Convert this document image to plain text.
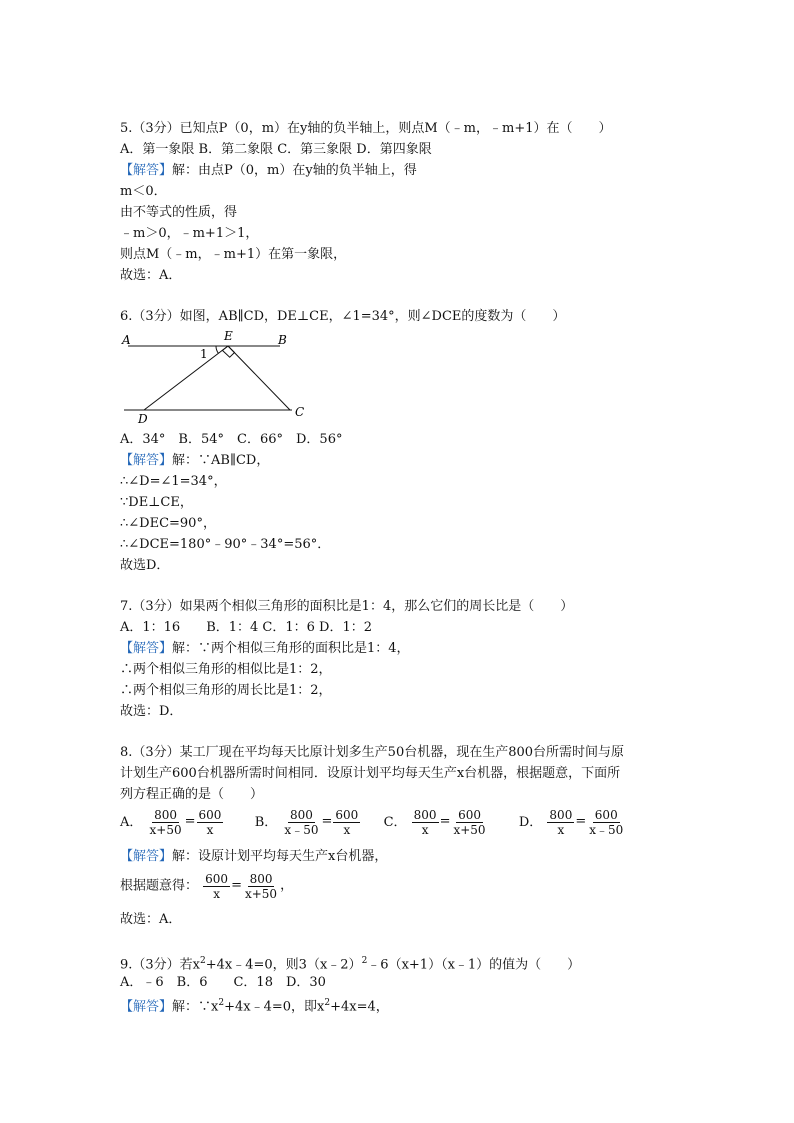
5.（3分）已知点P（0，m）在y轴的负半轴上，则点M（﹣m，﹣m+1）在（　　）
A．第一象限 B．第二象限 C．第三象限 D．第四象限
【解答】解：由点P（0，m）在y轴的负半轴上，得
m＜0．
由不等式的性质，得
﹣m＞0，﹣m+1＞1，
则点M（﹣m，﹣m+1）在第一象限，
故选：A．
6.（3分）如图，AB∥CD，DE⊥CE，∠1=34°，则∠DCE的度数为（　　）
A	B
E
1
D	C
A．34°　B．54°　C．66°　D．56°
【解答】解：∵AB∥CD，
∴∠D=∠1=34°，
∵DE⊥CE，
∴∠DEC=90°，
∴∠DCE=180°﹣90°﹣34°=56°．
故选D．
7.（3分）如果两个相似三角形的面积比是1：4，那么它们的周长比是（　　）
A．1：16　　B．1：4 C．1：6 D．1：2
【解答】解：∵两个相似三角形的面积比是1：4，
∴两个相似三角形的相似比是1：2，
∴两个相似三角形的周长比是1：2，
故选：D．
8.（3分）某工厂现在平均每天比原计划多生产50台机器，现在生产800台所需时间与原
计划生产600台机器所需时间相同．设原计划平均每天生产x台机器，根据题意，下面所
列方程正确的是（　　）
A． $\frac{800}{x+50} = \frac{600}{x}$ B． $\frac{800}{x﹣50} = \frac{600}{x}$ C． $\frac{800}{x} = \frac{600}{x+50}$ D． $\frac{800}{x} = \frac{600}{x﹣50}$
【解答】解：设原计划平均每天生产x台机器，
根据题意得： $\frac{600}{x} = \frac{800}{x+50}$ ，
故选：A．
9.（3分）若$x^2+4x﹣4=0$，则3（x﹣2）$^2$﹣6（x+1）（x﹣1）的值为（　　）
A．﹣6　B．6　　C．18　D．30
【解答】解：$\because x^2+4x﹣4=0$，即$x^2+4x=4$，
